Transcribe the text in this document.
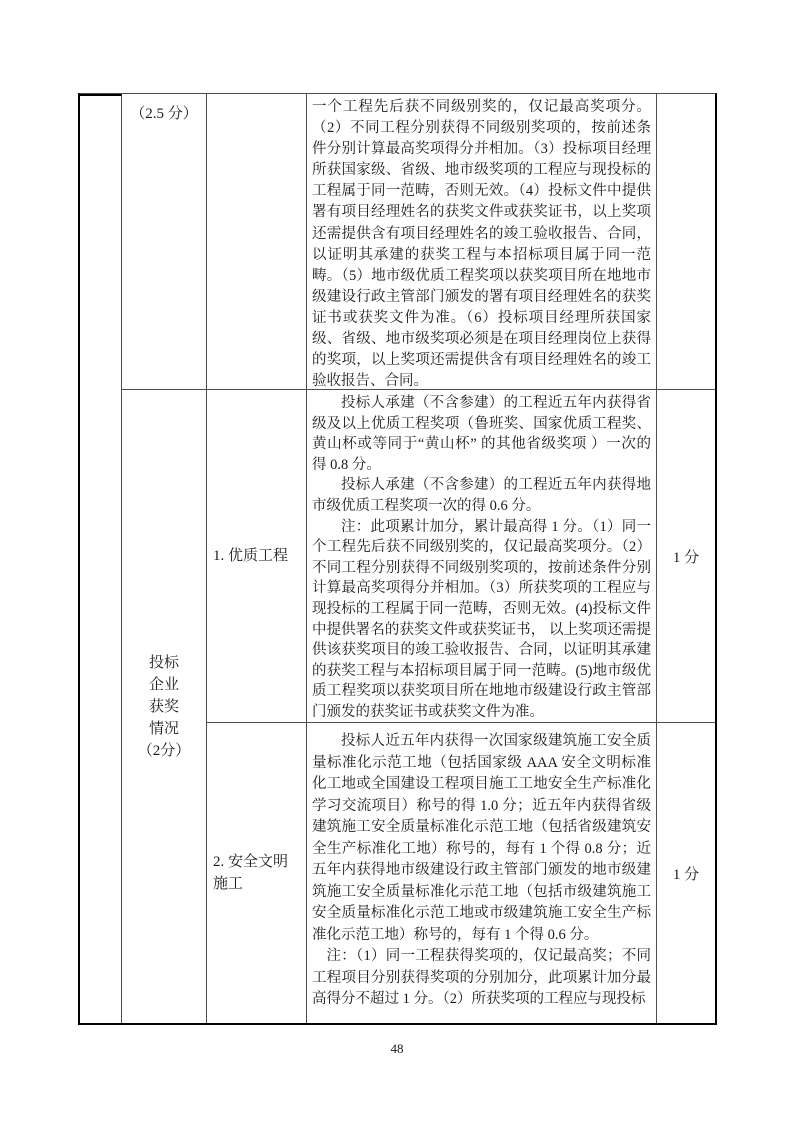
（2.5 分）
投标
企业
获奖
情况
（2分）
1. 优质工程
2. 安全文明施工

一个工程先后获不同级别奖的，仅记最高奖项分。（2）不同工程分别获得不同级别奖项的，按前述条件分别计算最高奖项得分并相加。（3）投标项目经理所获国家级、省级、地市级奖项的工程应与现投标的工程属于同一范畴，否则无效。（4）投标文件中提供署有项目经理姓名的获奖文件或获奖证书，以上奖项还需提供含有项目经理姓名的竣工验收报告、合同，以证明其承建的获奖工程与本招标项目属于同一范畴。（5）地市级优质工程奖项以获奖项目所在地地市级建设行政主管部门颁发的署有项目经理姓名的获奖证书或获奖文件为准。（6）投标项目经理所获国家级、省级、地市级奖项必须是在项目经理岗位上获得的奖项，以上奖项还需提供含有项目经理姓名的竣工验收报告、合同。

投标人承建（不含参建）的工程近五年内获得省级及以上优质工程奖项（鲁班奖、国家优质工程奖、黄山杯或等同于“黄山杯” 的其他省级奖项 ）一次的得 0.8 分。

投标人承建（不含参建）的工程近五年内获得地市级优质工程奖项一次的得 0.6 分。

注：此项累计加分，累计最高得 1 分。（1）同一个工程先后获不同级别奖的，仅记最高奖项分。（2）不同工程分别获得不同级别奖项的，按前述条件分别计算最高奖项得分并相加。（3）所获奖项的工程应与现投标的工程属于同一范畴，否则无效。(4)投标文件中提供署名的获奖文件或获奖证书， 以上奖项还需提供该获奖项目的竣工验收报告、合同，以证明其承建的获奖工程与本招标项目属于同一范畴。(5)地市级优质工程奖项以获奖项目所在地地市级建设行政主管部门颁发的获奖证书或获奖文件为准。

投标人近五年内获得一次国家级建筑施工安全质量标准化示范工地（包括国家级 AAA 安全文明标准化工地或全国建设工程项目施工工地安全生产标准化学习交流项目）称号的得 1.0 分；近五年内获得省级建筑施工安全质量标准化示范工地（包括省级建筑安全生产标准化工地）称号的，每有 1 个得 0.8 分；近五年内获得地市级建设行政主管部门颁发的地市级建筑施工安全质量标准化示范工地（包括市级建筑施工安全质量标准化示范工地或市级建筑施工安全生产标准化示范工地）称号的，每有 1 个得 0.6 分。

注：（1）同一工程获得奖项的，仅记最高奖；不同工程项目分别获得奖项的分别加分，此项累计加分最高得分不超过 1 分。（2）所获奖项的工程应与现投标

1 分
1 分
48
